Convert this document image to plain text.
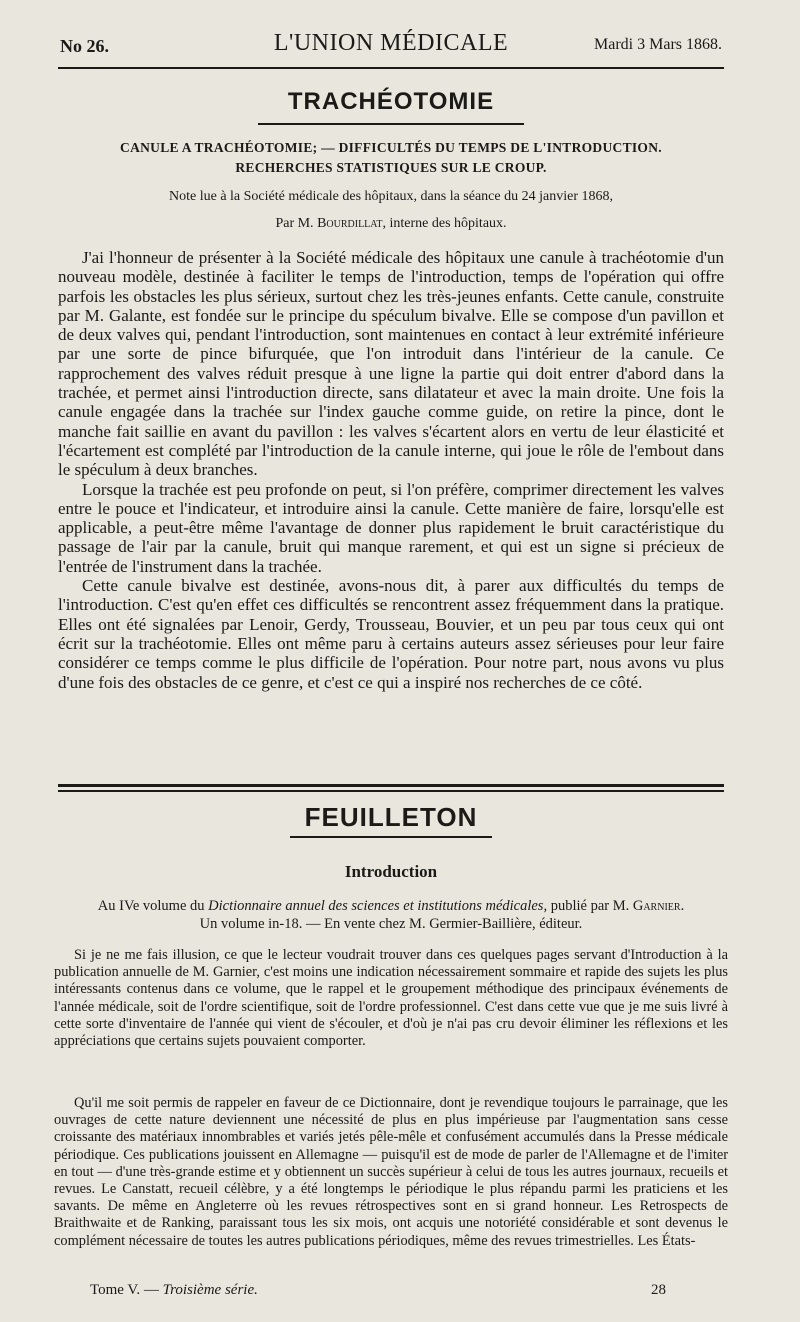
No 26.	L'UNION MÉDICALE	Mardi 3 Mars 1868.
TRACHÉOTOMIE
CANULE A TRACHÉOTOMIE; — DIFFICULTÉS DU TEMPS DE L'INTRODUCTION.
RECHERCHES STATISTIQUES SUR LE CROUP.
Note lue à la Société médicale des hôpitaux, dans la séance du 24 janvier 1868,
Par M. Bourdillat, interne des hôpitaux.

J'ai l'honneur de présenter à la Société médicale des hôpitaux une canule à trachéotomie d'un nouveau modèle, destinée à faciliter le temps de l'introduction, temps de l'opération qui offre parfois les obstacles les plus sérieux, surtout chez les très-jeunes enfants. Cette canule, construite par M. Galante, est fondée sur le principe du spéculum bivalve. Elle se compose d'un pavillon et de deux valves qui, pendant l'introduction, sont maintenues en contact à leur extrémité inférieure par une sorte de pince bifurquée, que l'on introduit dans l'intérieur de la canule. Ce rapprochement des valves réduit presque à une ligne la partie qui doit entrer d'abord dans la trachée, et permet ainsi l'introduction directe, sans dilatateur et avec la main droite. Une fois la canule engagée dans la trachée sur l'index gauche comme guide, on retire la pince, dont le manche fait saillie en avant du pavillon : les valves s'écartent alors en vertu de leur élasticité et l'écartement est complété par l'introduction de la canule interne, qui joue le rôle de l'embout dans le spéculum à deux branches.

Lorsque la trachée est peu profonde on peut, si l'on préfère, comprimer directement les valves entre le pouce et l'indicateur, et introduire ainsi la canule. Cette manière de faire, lorsqu'elle est applicable, a peut-être même l'avantage de donner plus rapidement le bruit caractéristique du passage de l'air par la canule, bruit qui manque rarement, et qui est un signe si précieux de l'entrée de l'instrument dans la trachée.

Cette canule bivalve est destinée, avons-nous dit, à parer aux difficultés du temps de l'introduction. C'est qu'en effet ces difficultés se rencontrent assez fréquemment dans la pratique. Elles ont été signalées par Lenoir, Gerdy, Trousseau, Bouvier, et un peu par tous ceux qui ont écrit sur la trachéotomie. Elles ont même paru à certains auteurs assez sérieuses pour leur faire considérer ce temps comme le plus difficile de l'opération. Pour notre part, nous avons vu plus d'une fois des obstacles de ce genre, et c'est ce qui a inspiré nos recherches de ce côté.

FEUILLETON
Introduction
Au IVe volume du Dictionnaire annuel des sciences et institutions médicales, publié par M. Garnier.
Un volume in-18. — En vente chez M. Germier-Baillière, éditeur.

Si je ne me fais illusion, ce que le lecteur voudrait trouver dans ces quelques pages servant d'Introduction à la publication annuelle de M. Garnier, c'est moins une indication nécessairement sommaire et rapide des sujets les plus intéressants contenus dans ce volume, que le rappel et le groupement méthodique des principaux événements de l'année médicale, soit de l'ordre scientifique, soit de l'ordre professionnel. C'est dans cette vue que je me suis livré à cette sorte d'inventaire de l'année qui vient de s'écouler, et d'où je n'ai pas cru devoir éliminer les réflexions et les appréciations que certains sujets pouvaient comporter.

Qu'il me soit permis de rappeler en faveur de ce Dictionnaire, dont je revendique toujours le parrainage, que les ouvrages de cette nature deviennent une nécessité de plus en plus impérieuse par l'augmentation sans cesse croissante des matériaux innombrables et variés jetés pêle-mêle et confusément accumulés dans la Presse médicale périodique. Ces publications jouissent en Allemagne — puisqu'il est de mode de parler de l'Allemagne et de l'imiter en tout — d'une très-grande estime et y obtiennent un succès supérieur à celui de tous les autres journaux, recueils et revues. Le Canstatt, recueil célèbre, y a été longtemps le périodique le plus répandu parmi les praticiens et les savants. De même en Angleterre où les revues rétrospectives sont en si grand honneur. Les Retrospects de Braithwaite et de Ranking, paraissant tous les six mois, ont acquis une notoriété considérable et sont devenus le complément nécessaire de toutes les autres publications périodiques, même des revues trimestrielles. Les États-

Tome V. — Troisième série.	28
